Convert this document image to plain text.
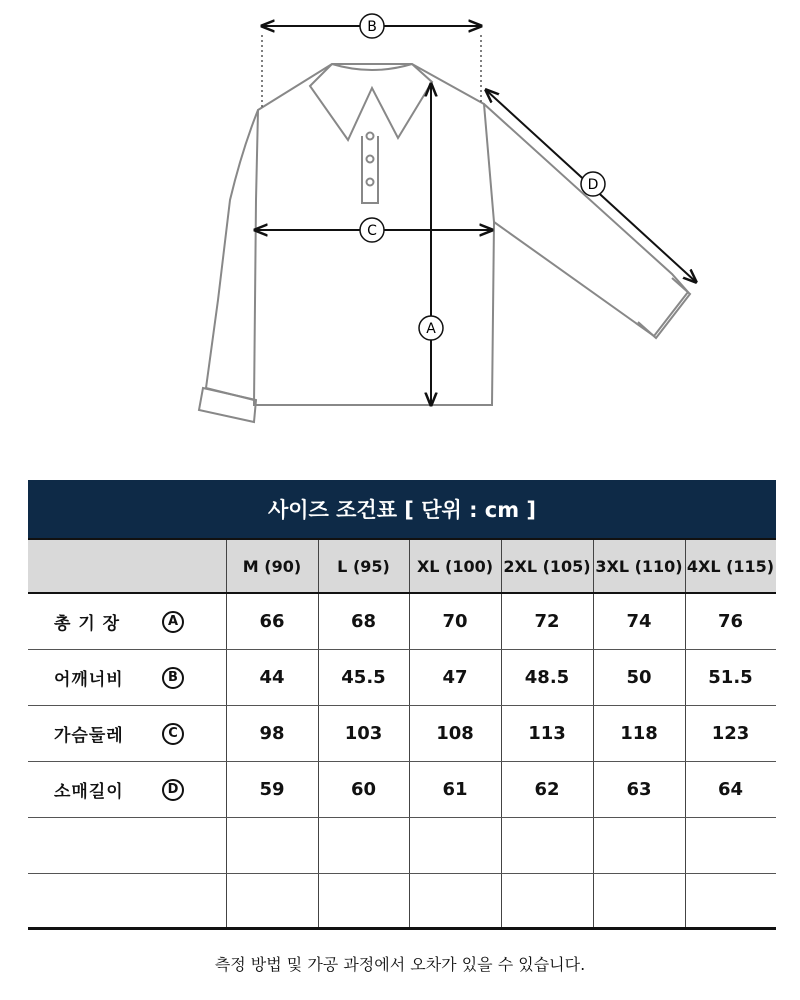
B
C
A
D
사이즈 조건표 [ 단위 : cm ]
M (90)	L (95)	XL (100) 2XL (105) 3XL (110) 4XL (115)
총 기 장	A	66	68	70	72	74	76
어깨너비	B	44	45.5	47	48.5	50	51.5
가슴둘레	C	98	103	108	113	118	123
소매길이	D	59	60	61	62	63	64
측정 방법 및 가공 과정에서 오차가 있을 수 있습니다.
